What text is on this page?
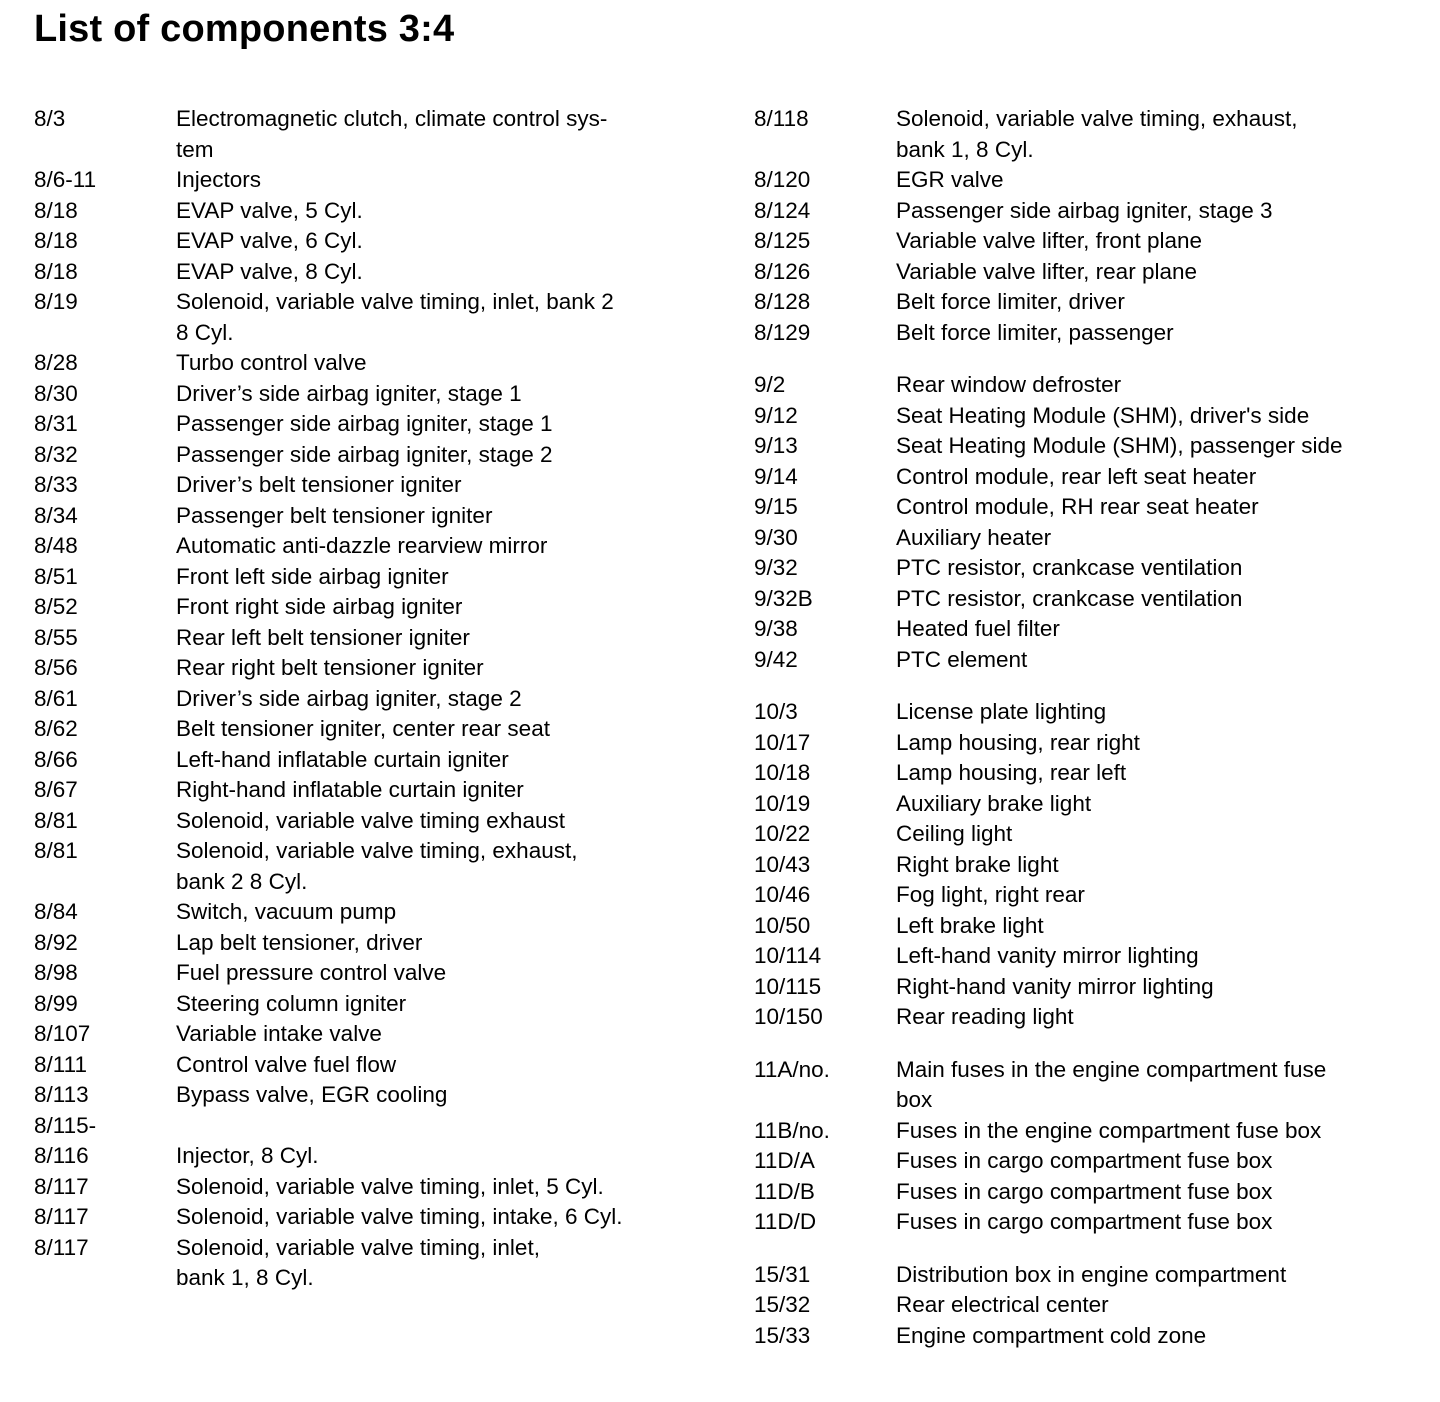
List of components 3:4
8/3	Electromagnetic clutch, climate control sys-
tem
8/6-11	Injectors
8/18	EVAP valve, 5 Cyl.
8/18	EVAP valve, 6 Cyl.
8/18	EVAP valve, 8 Cyl.
8/19	Solenoid, variable valve timing, inlet, bank 2
8 Cyl.
8/28	Turbo control valve
8/30	Driver’s side airbag igniter, stage 1
8/31	Passenger side airbag igniter, stage 1
8/32	Passenger side airbag igniter, stage 2
8/33	Driver’s belt tensioner igniter
8/34	Passenger belt tensioner igniter
8/48	Automatic anti-dazzle rearview mirror
8/51	Front left side airbag igniter
8/52	Front right side airbag igniter
8/55	Rear left belt tensioner igniter
8/56	Rear right belt tensioner igniter
8/61	Driver’s side airbag igniter, stage 2
8/62	Belt tensioner igniter, center rear seat
8/66	Left-hand inflatable curtain igniter
8/67	Right-hand inflatable curtain igniter
8/81	Solenoid, variable valve timing exhaust
8/81	Solenoid, variable valve timing, exhaust,
bank 2 8 Cyl.
8/84	Switch, vacuum pump
8/92	Lap belt tensioner, driver
8/98	Fuel pressure control valve
8/99	Steering column igniter
8/107	Variable intake valve
8/111	Control valve fuel flow
8/113	Bypass valve, EGR cooling
8/115-

8/116	Injector, 8 Cyl.
8/117	Solenoid, variable valve timing, inlet, 5 Cyl.
8/117	Solenoid, variable valve timing, intake, 6 Cyl.
8/117	Solenoid, variable valve timing, inlet,
bank 1, 8 Cyl.
8/118	Solenoid, variable valve timing, exhaust,
bank 1, 8 Cyl.
8/120	EGR valve
8/124	Passenger side airbag igniter, stage 3
8/125	Variable valve lifter, front plane
8/126	Variable valve lifter, rear plane
8/128	Belt force limiter, driver
8/129	Belt force limiter, passenger
9/2	Rear window defroster
9/12	Seat Heating Module (SHM), driver's side
9/13	Seat Heating Module (SHM), passenger side
9/14	Control module, rear left seat heater
9/15	Control module, RH rear seat heater
9/30	Auxiliary heater
9/32	PTC resistor, crankcase ventilation
9/32B	PTC resistor, crankcase ventilation
9/38	Heated fuel filter
9/42	PTC element
10/3	License plate lighting
10/17	Lamp housing, rear right
10/18	Lamp housing, rear left
10/19	Auxiliary brake light
10/22	Ceiling light
10/43	Right brake light
10/46	Fog light, right rear
10/50	Left brake light
10/114	Left-hand vanity mirror lighting
10/115	Right-hand vanity mirror lighting
10/150	Rear reading light
11A/no.	Main fuses in the engine compartment fuse
box
11B/no.	Fuses in the engine compartment fuse box
11D/A	Fuses in cargo compartment fuse box
11D/B	Fuses in cargo compartment fuse box
11D/D	Fuses in cargo compartment fuse box
15/31	Distribution box in engine compartment
15/32	Rear electrical center
15/33	Engine compartment cold zone
